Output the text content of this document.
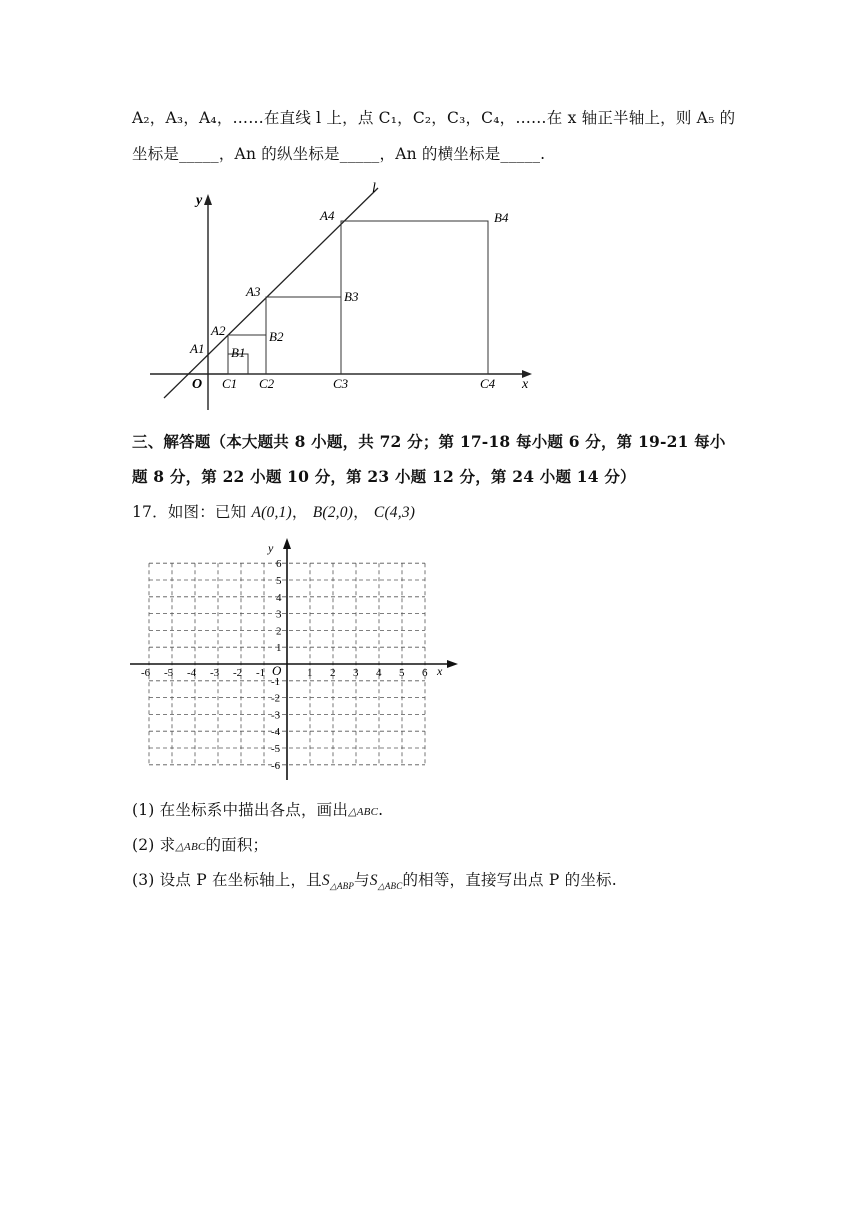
A₂，A₃，A₄，……在直线 l 上，点 C₁，C₂，C₃，C₄，……在 x 轴正半轴上，则 A₅ 的
坐标是_____，An 的纵坐标是_____，An 的横坐标是_____.
l
y
x
O
A1
A2
A3
A4
B1
B2
B3
B4
C1 C2	C3	C4
三、解答题（本大题共 8 小题，共 72 分；第 17-18 每小题 6 分，第 19-21 每小
题 8 分，第 22 小题 10 分，第 23 小题 12 分，第 24 小题 14 分）
17．如图：已知 A(0,1)， B(2,0)， C(4,3)
x
y
O
-6 -5 -4 -3 -2 -1	1 2 3 4 5 6
6
5
4
3
2
1
-1
-2
-3
-4
-5
-6
(1) 在坐标系中描出各点，画出△ABC.
(2) 求△ABC的面积；
(3) 设点 P 在坐标轴上，且$S_{\triangle ABP}$与$S_{\triangle ABC}$的相等，直接写出点 P 的坐标.
